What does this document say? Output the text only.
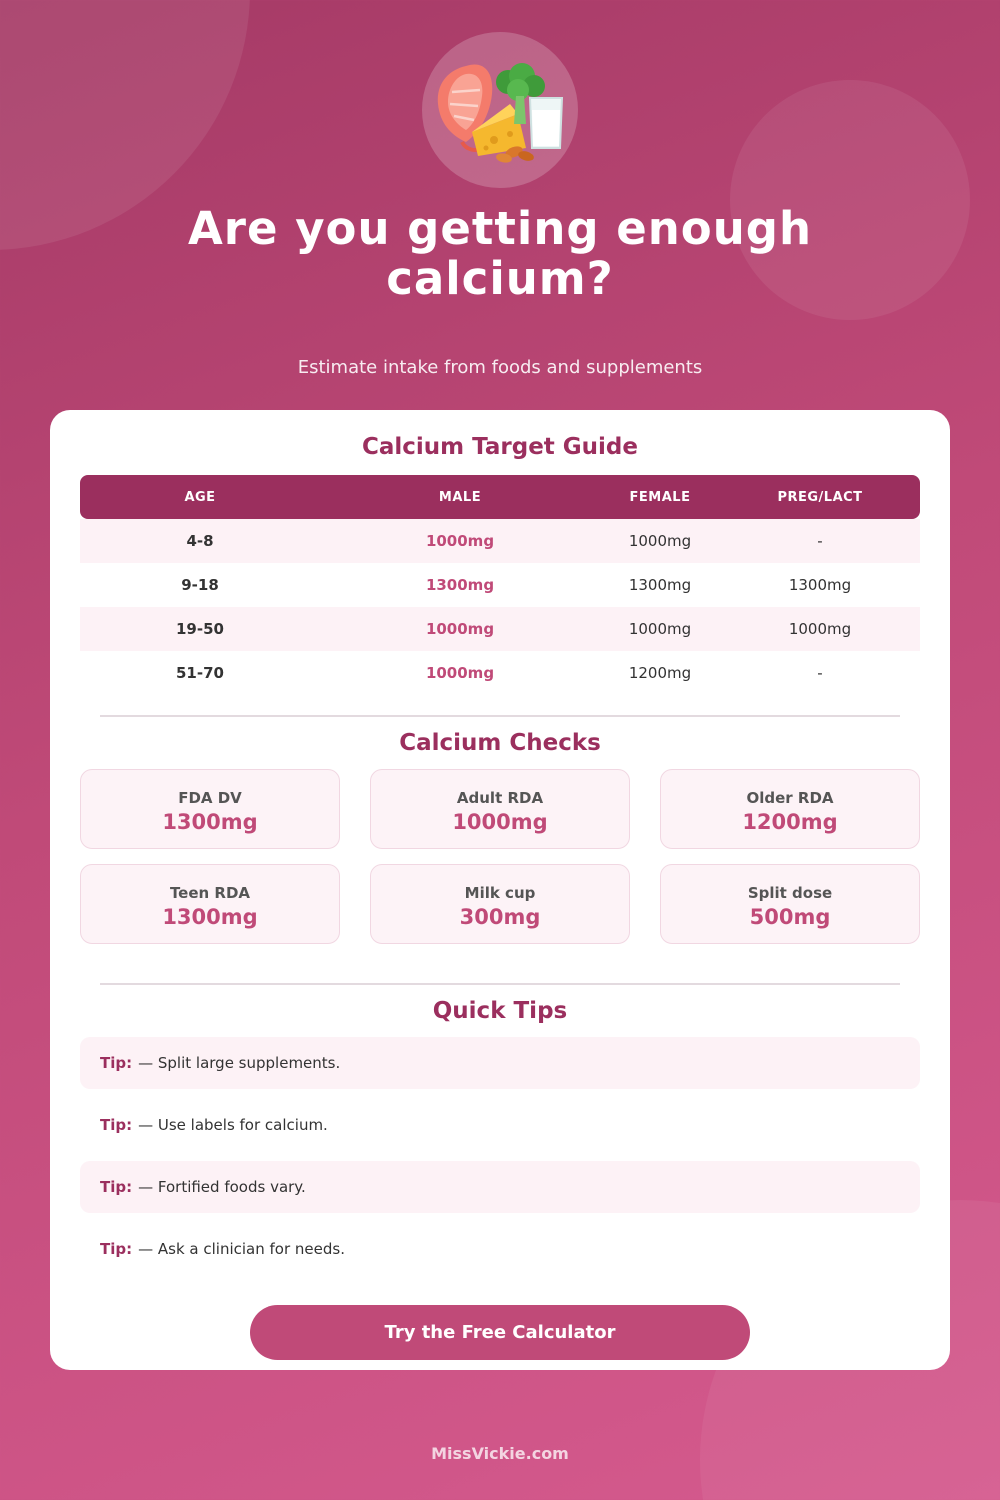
Are you getting enough calcium?
Estimate intake from foods and supplements
Calcium Target Guide
AGE	MALE	FEMALE	PREG/LACT
4-8	1000mg	1000mg	-
9-18	1300mg	1300mg	1300mg
19-50	1000mg	1000mg	1000mg
51-70	1000mg	1200mg	-
Calcium Checks
FDA DV
1300mg
Adult RDA
1000mg
Older RDA
1200mg
Teen RDA
1300mg
Milk cup
300mg
Split dose
500mg
Quick Tips
Tip: — Split large supplements.
Tip: — Use labels for calcium.
Tip: — Fortified foods vary.
Tip: — Ask a clinician for needs.
Try the Free Calculator
MissVickie.com
